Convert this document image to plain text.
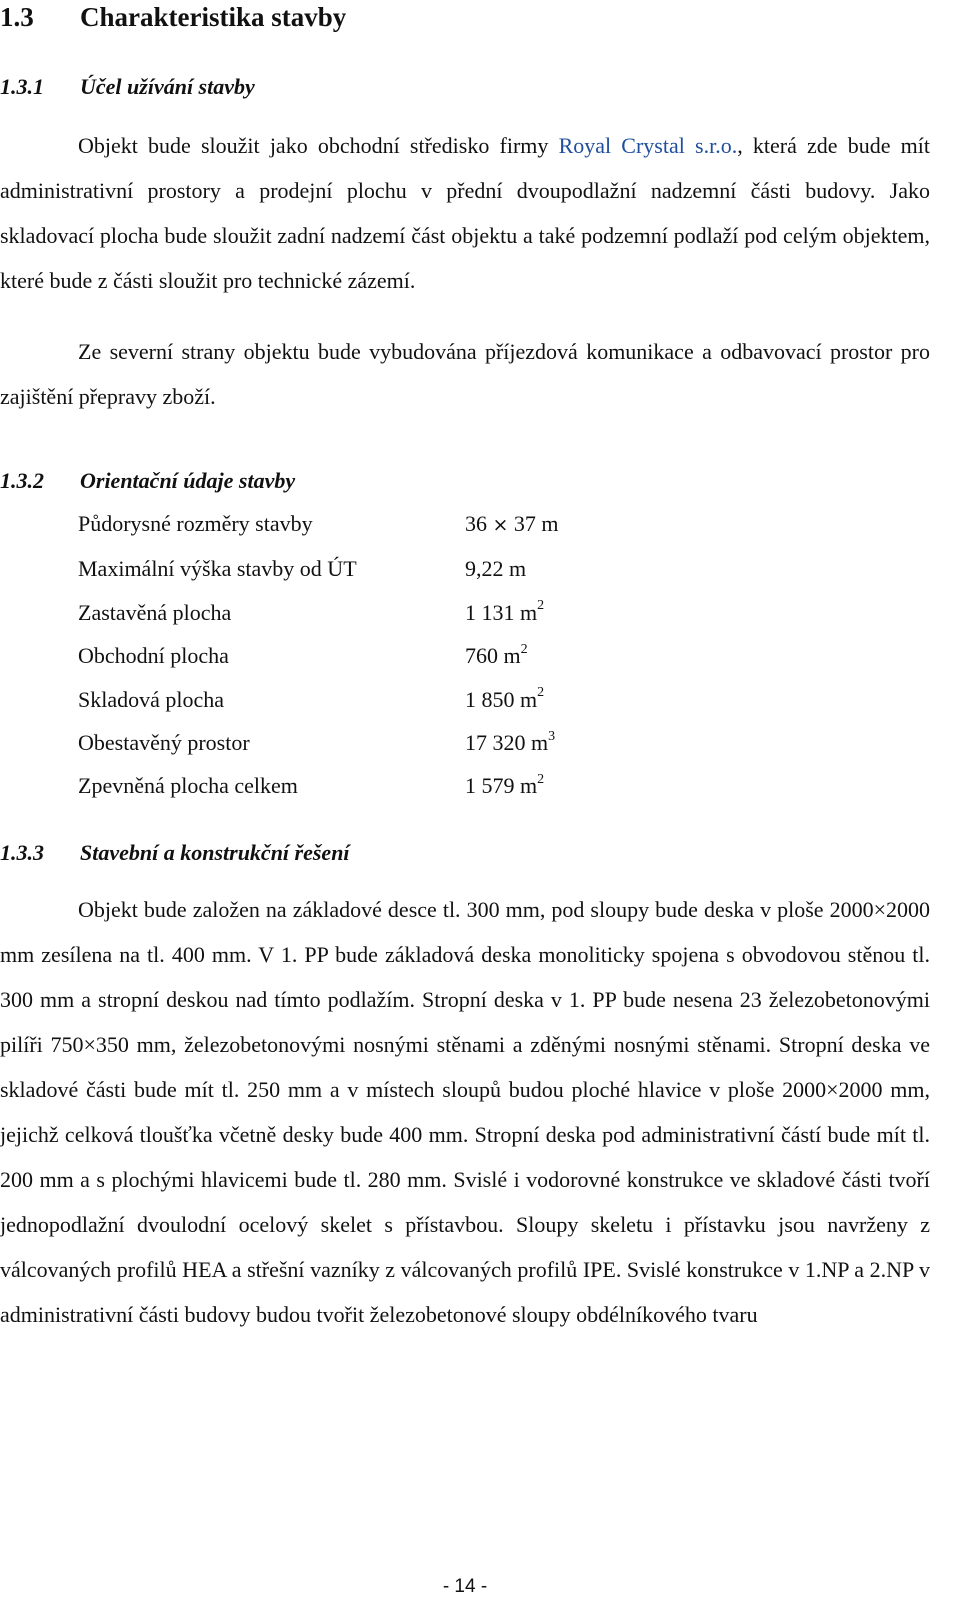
1.3 Charakteristika stavby
1.3.1 Účel užívání stavby

Objekt bude sloužit jako obchodní středisko firmy Royal Crystal s.r.o., která zde bude mít administrativní prostory a prodejní plochu v přední dvoupodlažní nadzemní části budovy. Jako skladovací plocha bude sloužit zadní nadzemí část objektu a také podzemní podlaží pod celým objektem, které bude z části sloužit pro technické zázemí.

Ze severní strany objektu bude vybudována příjezdová komunikace a odbavovací prostor pro zajištění přepravy zboží.

1.3.2 Orientační údaje stavby
Půdorysné rozměry stavby	36 × 37 m
Maximální výška stavby od ÚT	9,22 m
Zastavěná plocha	1 131 $m^2$
Obchodní plocha	760 $m^2$
Skladová plocha	1 850 $m^2$
Obestavěný prostor	17 320 $m^3$
Zpevněná plocha celkem	1 579 $m^2$
1.3.3 Stavební a konstrukční řešení

Objekt bude založen na základové desce tl. 300 mm, pod sloupy bude deska v ploše 2000×2000 mm zesílena na tl. 400 mm. V 1. PP bude základová deska monoliticky spojena s obvodovou stěnou tl. 300 mm a stropní deskou nad tímto podlažím. Stropní deska v 1. PP bude nesena 23 železobetonovými pilíři 750×350 mm, železobetonovými nosnými stěnami a zděnými nosnými stěnami. Stropní deska ve skladové části bude mít tl. 250 mm a v místech sloupů budou ploché hlavice v ploše 2000×2000 mm, jejichž celková tloušťka včetně desky bude 400 mm. Stropní deska pod administrativní částí bude mít tl. 200 mm a s plochými hlavicemi bude tl. 280 mm. Svislé i vodorovné konstrukce ve skladové části tvoří jednopodlažní dvoulodní ocelový skelet s přístavbou. Sloupy skeletu i přístavku jsou navrženy z válcovaných profilů HEA a střešní vazníky z válcovaných profilů IPE. Svislé konstrukce v 1.NP a 2.NP v administrativní části budovy budou tvořit železobetonové sloupy obdélníkového tvaru

- 14 -
